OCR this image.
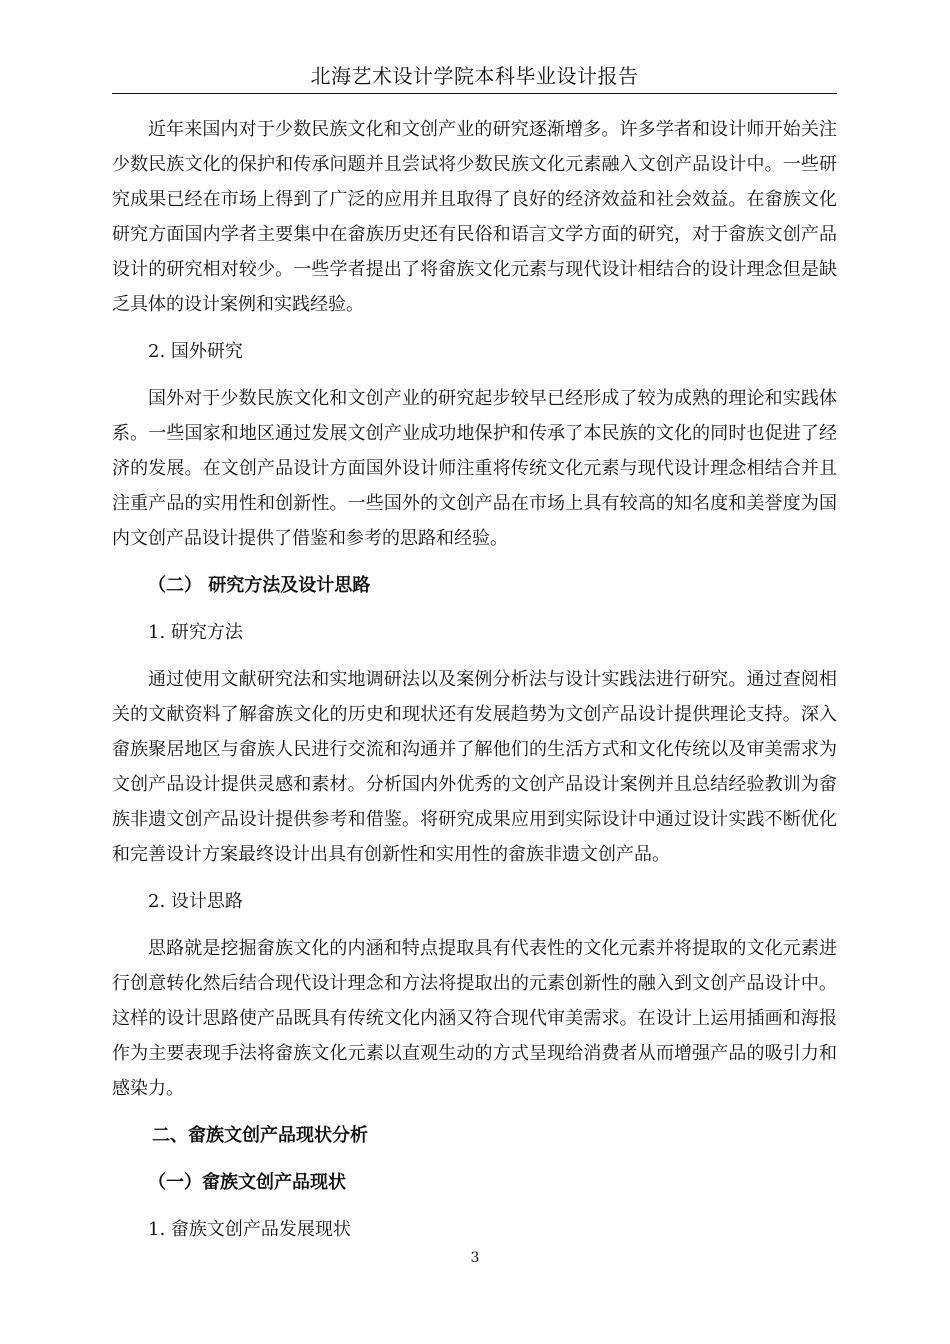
北海艺术设计学院本科毕业设计报告

近年来国内对于少数民族文化和文创产业的研究逐渐增多。许多学者和设计师开始关注少数民族文化的保护和传承问题并且尝试将少数民族文化元素融入文创产品设计中。一些研究成果已经在市场上得到了广泛的应用并且取得了良好的经济效益和社会效益。在畲族文化研究方面国内学者主要集中在畲族历史还有民俗和语言文学方面的研究，对于畲族文创产品设计的研究相对较少。一些学者提出了将畲族文化元素与现代设计相结合的设计理念但是缺乏具体的设计案例和实践经验。

2. 国外研究

国外对于少数民族文化和文创产业的研究起步较早已经形成了较为成熟的理论和实践体系。一些国家和地区通过发展文创产业成功地保护和传承了本民族的文化的同时也促进了经济的发展。在文创产品设计方面国外设计师注重将传统文化元素与现代设计理念相结合并且注重产品的实用性和创新性。一些国外的文创产品在市场上具有较高的知名度和美誉度为国内文创产品设计提供了借鉴和参考的思路和经验。

（二） 研究方法及设计思路

1. 研究方法

通过使用文献研究法和实地调研法以及案例分析法与设计实践法进行研究。通过查阅相关的文献资料了解畲族文化的历史和现状还有发展趋势为文创产品设计提供理论支持。深入畲族聚居地区与畲族人民进行交流和沟通并了解他们的生活方式和文化传统以及审美需求为文创产品设计提供灵感和素材。分析国内外优秀的文创产品设计案例并且总结经验教训为畲族非遗文创产品设计提供参考和借鉴。将研究成果应用到实际设计中通过设计实践不断优化和完善设计方案最终设计出具有创新性和实用性的畲族非遗文创产品。

2. 设计思路

思路就是挖掘畲族文化的内涵和特点提取具有代表性的文化元素并将提取的文化元素进行创意转化然后结合现代设计理念和方法将提取出的元素创新性的融入到文创产品设计中。这样的设计思路使产品既具有传统文化内涵又符合现代审美需求。在设计上运用插画和海报作为主要表现手法将畲族文化元素以直观生动的方式呈现给消费者从而增强产品的吸引力和感染力。

二、畲族文创产品现状分析

（一）畲族文创产品现状

1. 畲族文创产品发展现状

3
